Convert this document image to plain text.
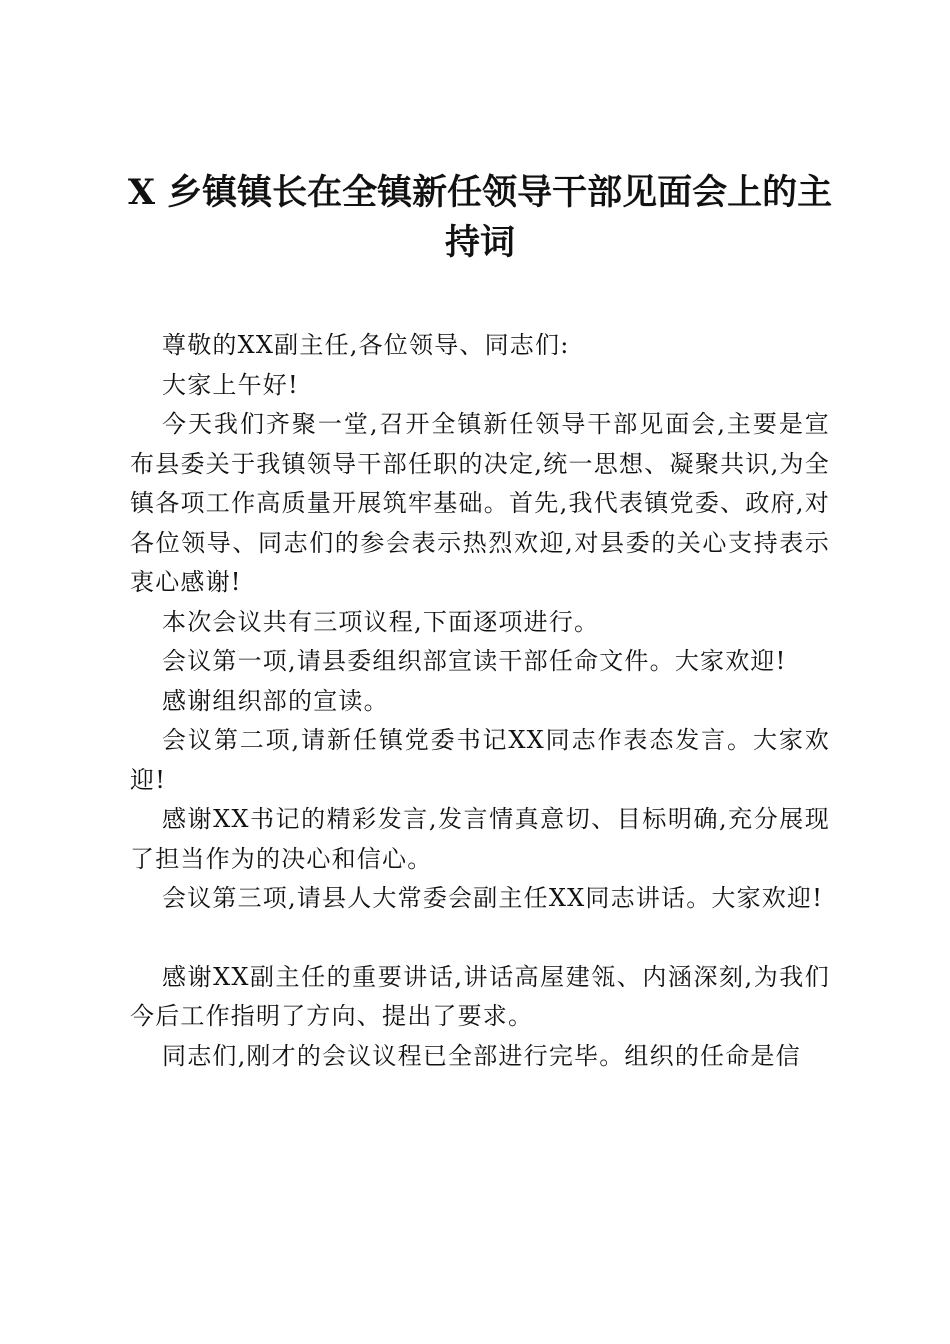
X 乡镇镇长在全镇新任领导干部见面会上的主持词

尊敬的XX副主任,各位领导、同志们:

大家上午好!

今天我们齐聚一堂,召开全镇新任领导干部见面会,主要是宣布县委关于我镇领导干部任职的决定,统一思想、凝聚共识,为全镇各项工作高质量开展筑牢基础。首先,我代表镇党委、政府,对各位领导、同志们的参会表示热烈欢迎,对县委的关心支持表示衷心感谢!

本次会议共有三项议程,下面逐项进行。

会议第一项,请县委组织部宣读干部任命文件。大家欢迎!

感谢组织部的宣读。

会议第二项,请新任镇党委书记XX同志作表态发言。大家欢迎!

感谢XX书记的精彩发言,发言情真意切、目标明确,充分展现了担当作为的决心和信心。

会议第三项,请县人大常委会副主任XX同志讲话。大家欢迎!

感谢XX副主任的重要讲话,讲话高屋建瓴、内涵深刻,为我们今后工作指明了方向、提出了要求。

同志们,刚才的会议议程已全部进行完毕。组织的任命是信
